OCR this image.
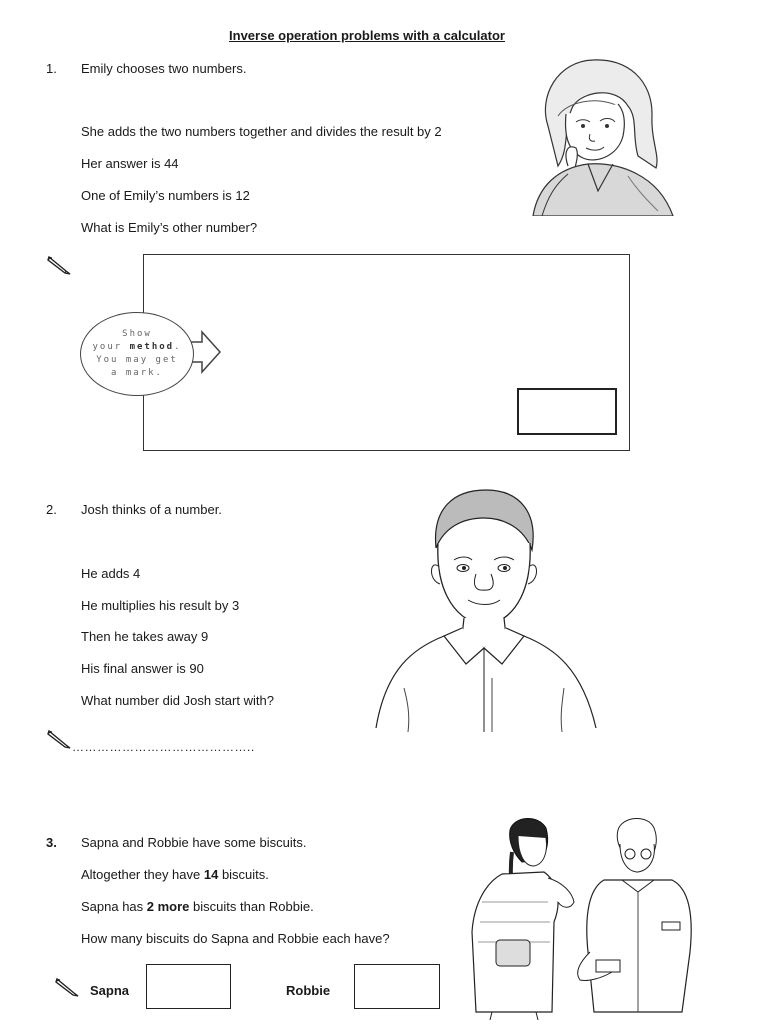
Inverse operation problems with a calculator
1. Emily chooses two numbers.
She adds the two numbers together and divides the result by 2
Her answer is 44
One of Emily’s numbers is 12
What is Emily’s other number?
Show
your method.
You may get
a mark.
2. Josh thinks of a number.
He adds 4
He multiplies his result by 3
Then he takes away 9
His final answer is 90
What number did Josh start with?
……………………………………..
3. Sapna and Robbie have some biscuits.
Altogether they have 14 biscuits.
Sapna has 2 more biscuits than Robbie.
How many biscuits do Sapna and Robbie each have?
Sapna	Robbie
